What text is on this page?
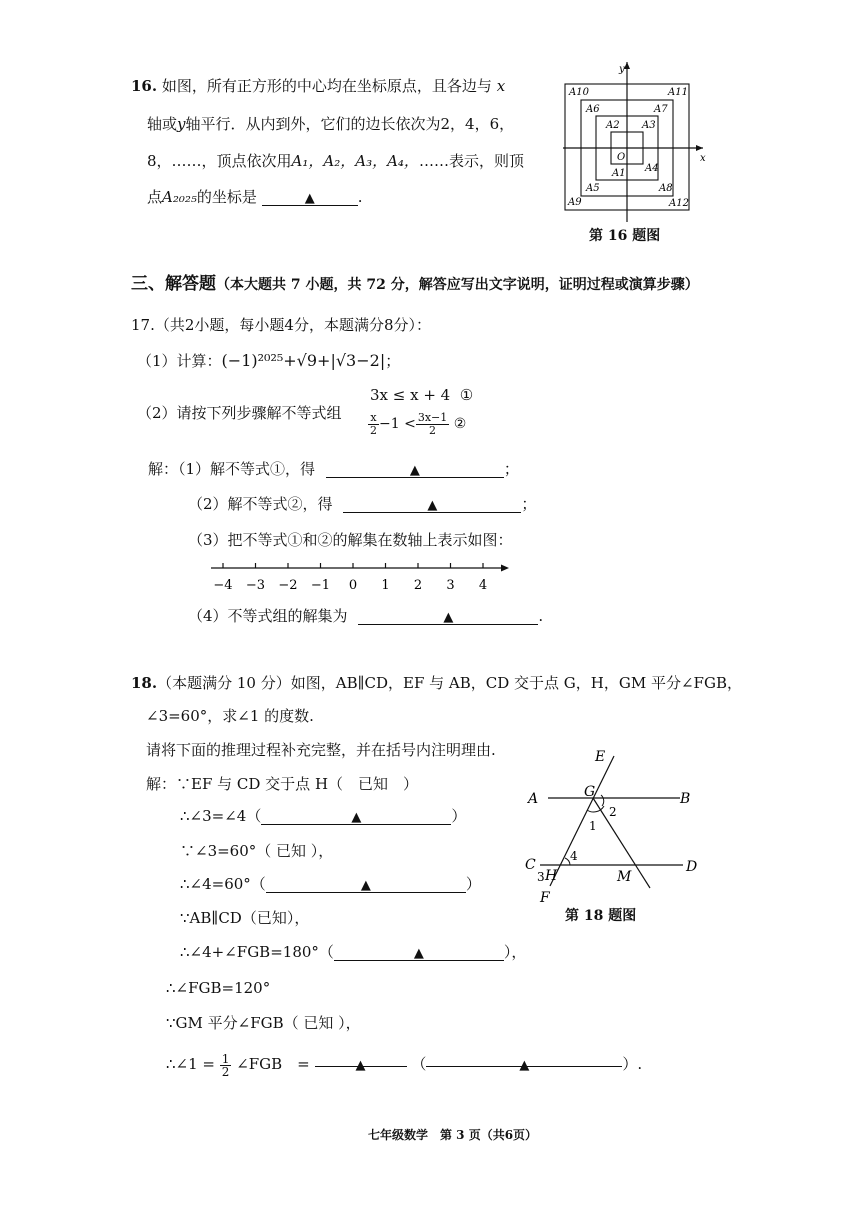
16. 如图，所有正方形的中心均在坐标原点，且各边与 x
轴或y轴平行．从内到外，它们的边长依次为2，4，6，
8，……，顶点依次用A₁，A₂，A₃，A₄，……表示，则顶
点A₂₀₂₅的坐标是	▲	.
y
x
O
A1
A2 A3
A4
A5
A6	A7
A8
A9
A10	A11
A12
第 16 题图
三、解答题（本大题共 7 小题，共 72 分，解答应写出文字说明，证明过程或演算步骤）
17.（共2小题，每小题4分，本题满分8分）：
（1）计算：(−1)²⁰²⁵+√9+|√3−2|；
（2）请按下列步骤解不等式组
3x ≤ x + 4 ①
$\frac{x}{2} -1 < \frac{3x-1}{2}$ ②
解：（1）解不等式①，得	▲	；
（2）解不等式②，得	▲	；
（3）把不等式①和②的解集在数轴上表示如图：
−4 −3 −2 −1 0 1 2 3 4
（4）不等式组的解集为	▲	.
18.（本题满分 10 分）如图，AB∥CD，EF 与 AB，CD 交于点 G，H，GM 平分∠FGB，
∠3=60°，求∠1 的度数.
请将下面的推理过程补充完整，并在括号内注明理由.
解：∵EF 与 CD 交于点 H（　已知　）
∴∠3=∠4（	▲	）
∵∠3=60°（ 已知 ），
∴∠4=60°（	▲	）
∵AB∥CD（已知），
∴∠4+∠FGB=180°（	▲	），
∴∠FGB=120°
∵GM 平分∠FGB（ 已知 ），
∴∠1 = $\frac{1}{2}$ ∠FGB　=	▲	（	▲	）.
E
A	G	B
C	D
H	M
F
1
2
3
4
第 18 题图
七年级数学　第 3 页（共6页）
